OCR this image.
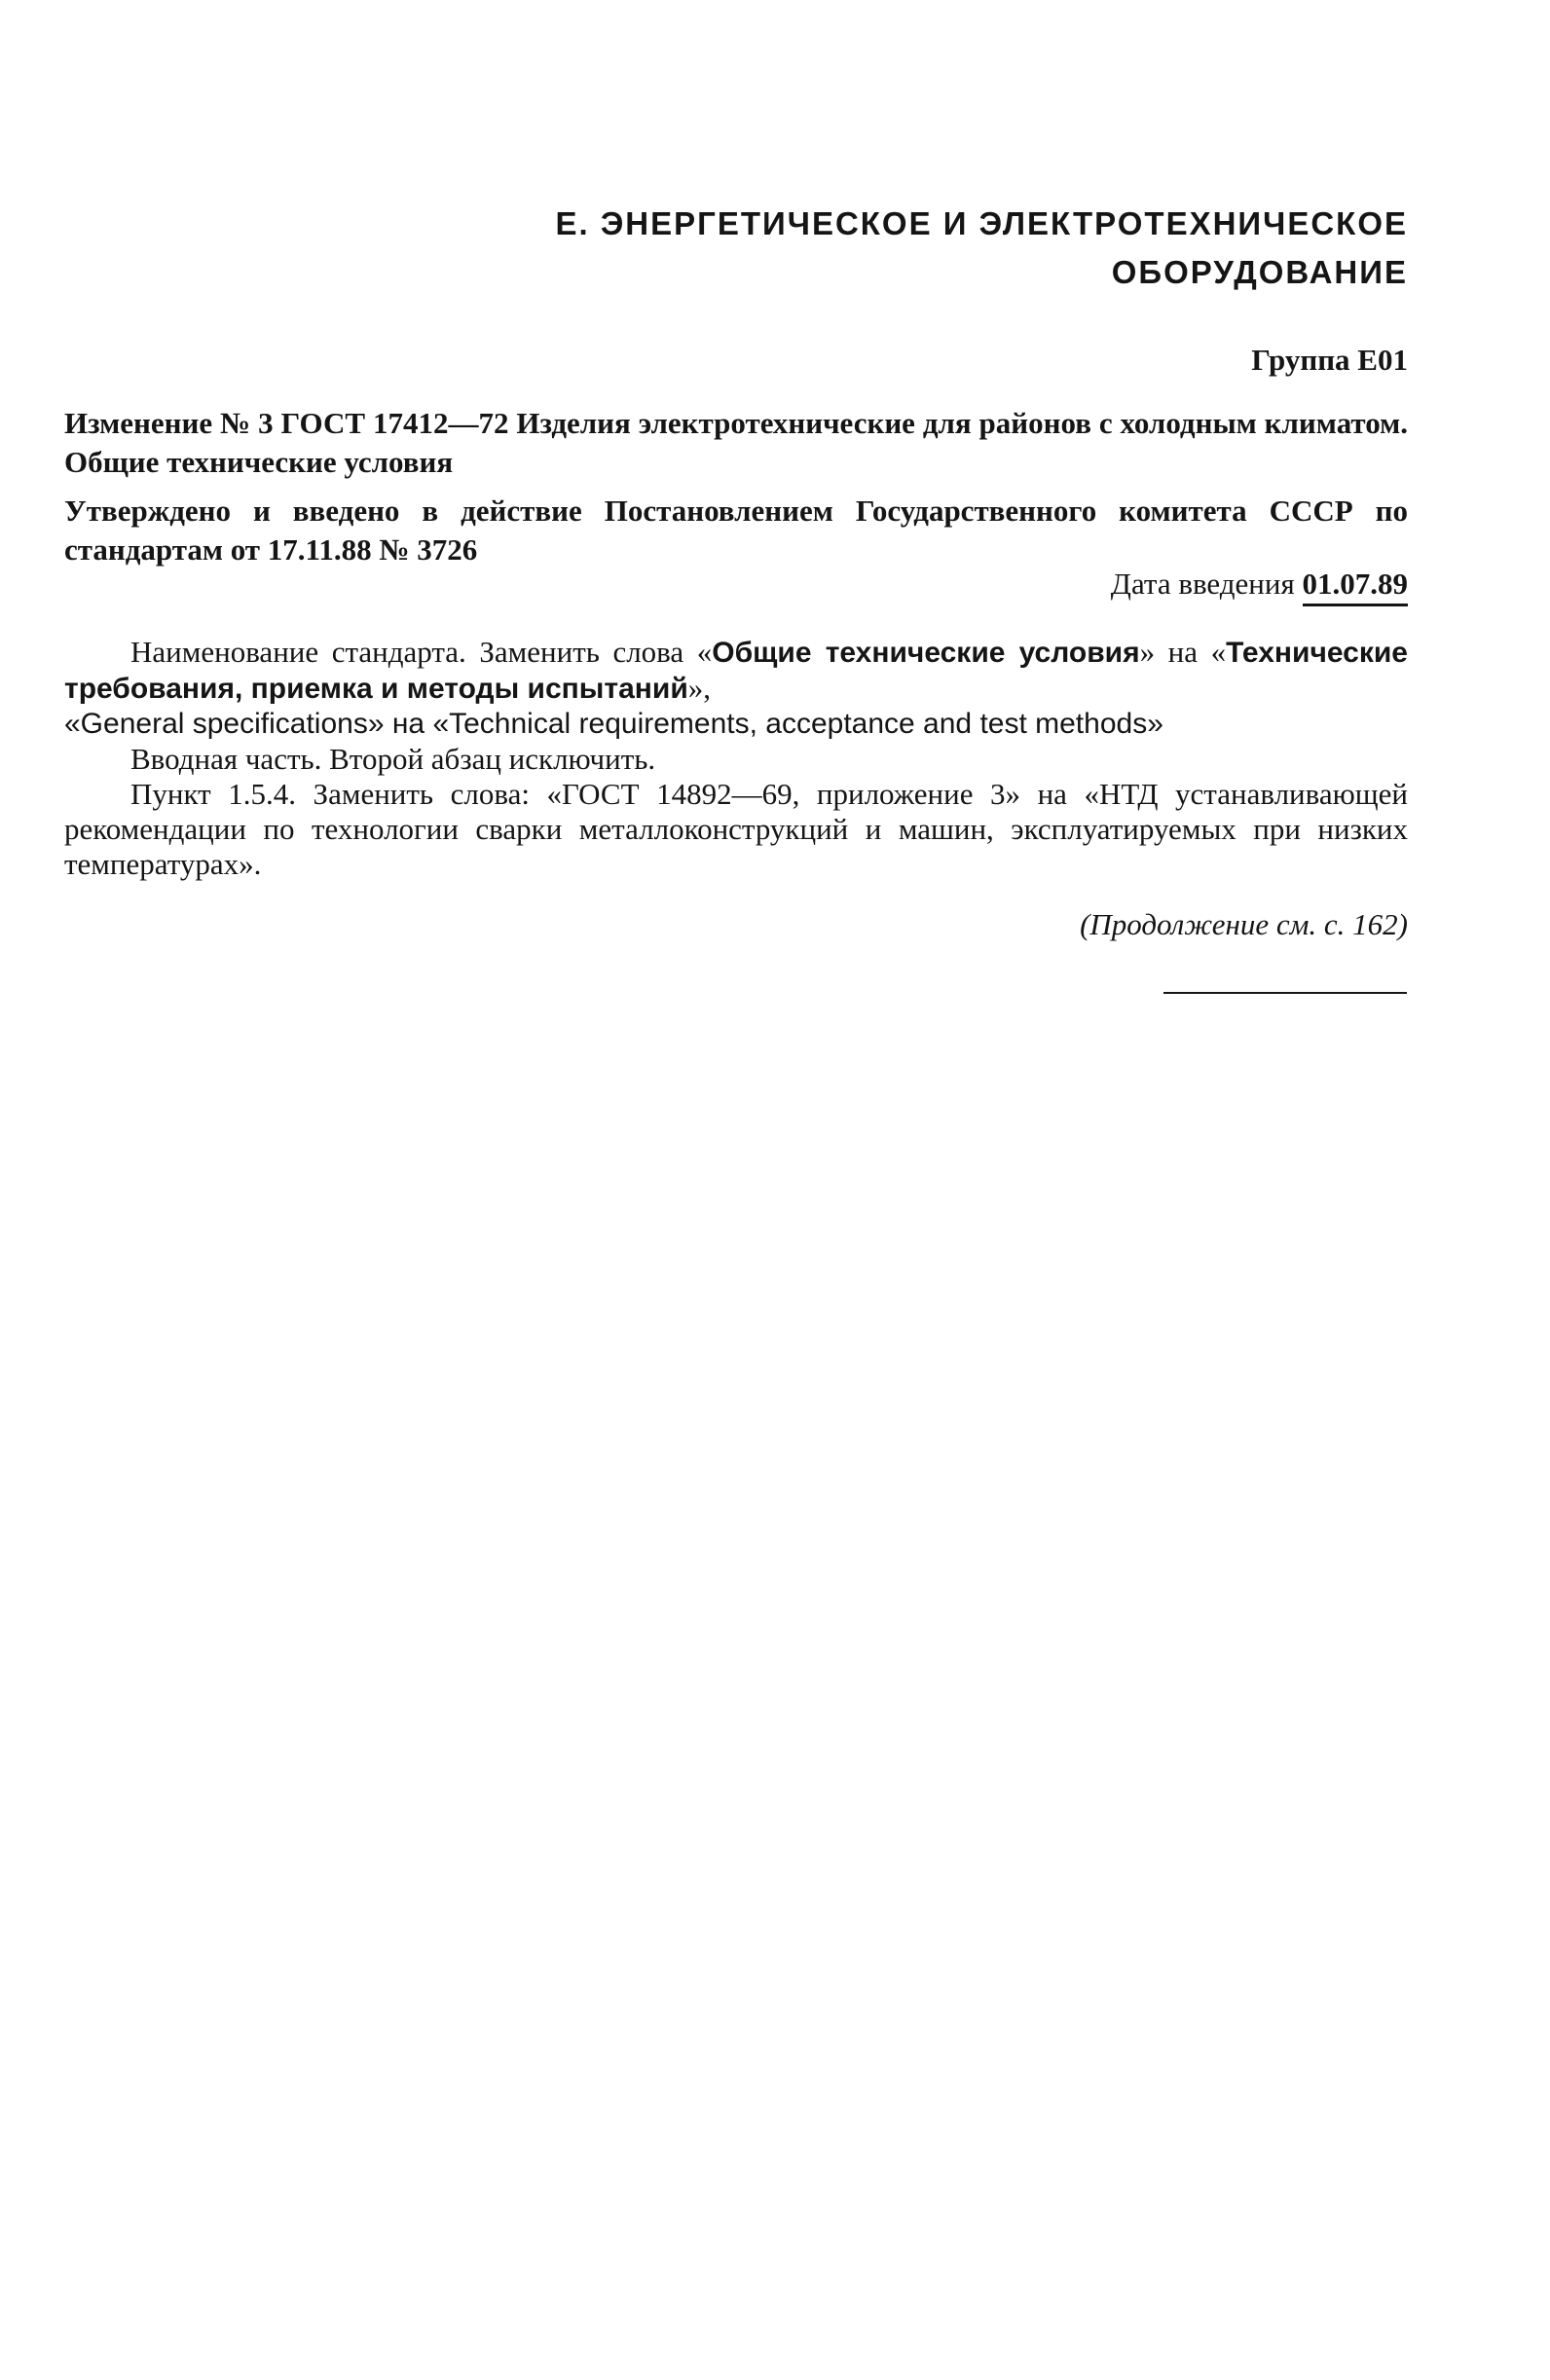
Е. ЭНЕРГЕТИЧЕСКОЕ И ЭЛЕКТРОТЕХНИЧЕСКОЕ
ОБОРУДОВАНИЕ
Группа Е01
Изменение № 3 ГОСТ 17412—72 Изделия электротехнические для районов с холодным климатом. Общие технические условия
Утверждено и введено в действие Постановлением Государственного комитета СССР по стандартам от 17.11.88 № 3726
Дата введения 01.07.89

Наименование стандарта. Заменить слова «Общие технические условия» на «Технические требования, приемка и методы испытаний»,

«General specifications» на «Technical requirements, acceptance and test methods»

Вводная часть. Второй абзац исключить.

Пункт 1.5.4. Заменить слова: «ГОСТ 14892—69, приложение 3» на «НТД устанавливающей рекомендации по технологии сварки металлоконструкций и машин, эксплуатируемых при низких температурах».

(Продолжение см. с. 162)
